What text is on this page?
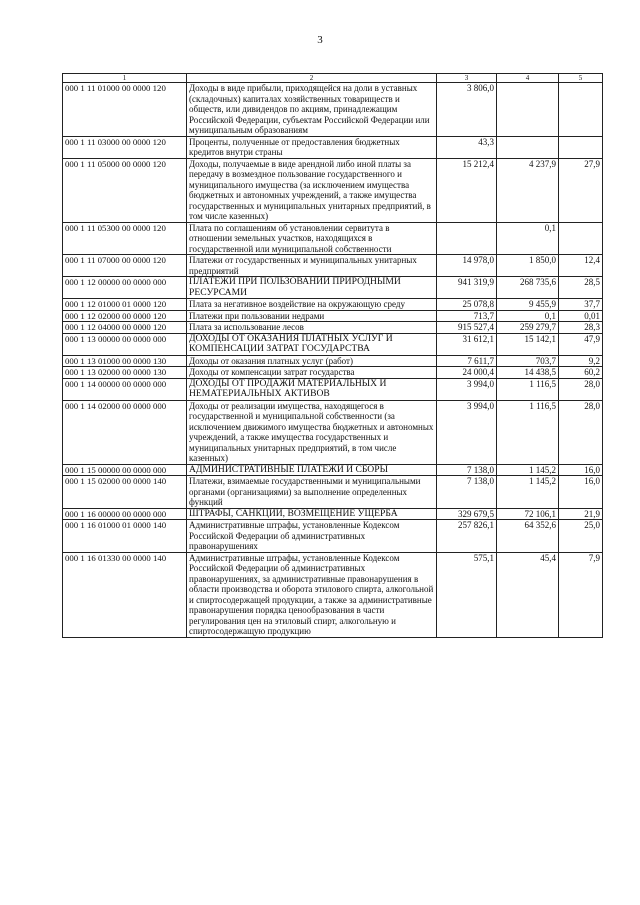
3
1	2	3	4	5
000 1 11 01000 00 0000 120	Доходы в виде прибыли, приходящейся на доли в уставных (складочных) капиталах хозяйственных товариществ и обществ, или дивидендов по акциям, принадлежащим Российской Федерации, субъектам Российской Федерации или муниципальным образованиям	3 806,0		
000 1 11 03000 00 0000 120	Проценты, полученные от предоставления бюджетных кредитов внутри страны	43,3		
000 1 11 05000 00 0000 120	Доходы, получаемые в виде арендной либо иной платы за передачу в возмездное пользование государственного и муниципального имущества (за исключением имущества бюджетных и автономных учреждений, а также имущества государственных и муниципальных унитарных предприятий, в том числе казенных)	15 212,4	4 237,9	27,9
000 1 11 05300 00 0000 120	Плата по соглашениям об установлении сервитута в отношении земельных участков, находящихся в государственной или муниципальной собственности		0,1	
000 1 11 07000 00 0000 120	Платежи от государственных и муниципальных унитарных предприятий	14 978,0	1 850,0	12,4
000 1 12 00000 00 0000 000	ПЛАТЕЖИ ПРИ ПОЛЬЗОВАНИИ ПРИРОДНЫМИ РЕСУРСАМИ	941 319,9	268 735,6	28,5
000 1 12 01000 01 0000 120	Плата за негативное воздействие на окружающую среду	25 078,8	9 455,9	37,7
000 1 12 02000 00 0000 120	Платежи при пользовании недрами	713,7	0,1	0,01
000 1 12 04000 00 0000 120	Плата за использование лесов	915 527,4	259 279,7	28,3
000 1 13 00000 00 0000 000	ДОХОДЫ ОТ ОКАЗАНИЯ ПЛАТНЫХ УСЛУГ И КОМПЕНСАЦИИ ЗАТРАТ ГОСУДАРСТВА	31 612,1	15 142,1	47,9
000 1 13 01000 00 0000 130	Доходы от оказания платных услуг (работ)	7 611,7	703,7	9,2
000 1 13 02000 00 0000 130	Доходы от компенсации затрат государства	24 000,4	14 438,5	60,2
000 1 14 00000 00 0000 000	ДОХОДЫ ОТ ПРОДАЖИ МАТЕРИАЛЬНЫХ И НЕМАТЕРИАЛЬНЫХ АКТИВОВ	3 994,0	1 116,5	28,0
000 1 14 02000 00 0000 000	Доходы от реализации имущества, находящегося в государственной и муниципальной собственности (за исключением движимого имущества бюджетных и автономных учреждений, а также имущества государственных и муниципальных унитарных предприятий, в том числе казенных)	3 994,0	1 116,5	28,0
000 1 15 00000 00 0000 000	АДМИНИСТРАТИВНЫЕ ПЛАТЕЖИ И СБОРЫ	7 138,0	1 145,2	16,0
000 1 15 02000 00 0000 140	Платежи, взимаемые государственными и муниципальными органами (организациями) за выполнение определенных функций	7 138,0	1 145,2	16,0
000 1 16 00000 00 0000 000	ШТРАФЫ, САНКЦИИ, ВОЗМЕЩЕНИЕ УЩЕРБА	329 679,5	72 106,1	21,9
000 1 16 01000 01 0000 140	Административные штрафы, установленные Кодексом Российской Федерации об административных правонарушениях	257 826,1	64 352,6	25,0
000 1 16 01330 00 0000 140	Административные штрафы, установленные Кодексом Российской Федерации об административных правонарушениях, за административные правонарушения в области производства и оборота этилового спирта, алкогольной и спиртосодержащей продукции, а также за административные правонарушения порядка ценообразования в части регулирования цен на этиловый спирт, алкогольную и спиртосодержащую продукцию	575,1	45,4	7,9
